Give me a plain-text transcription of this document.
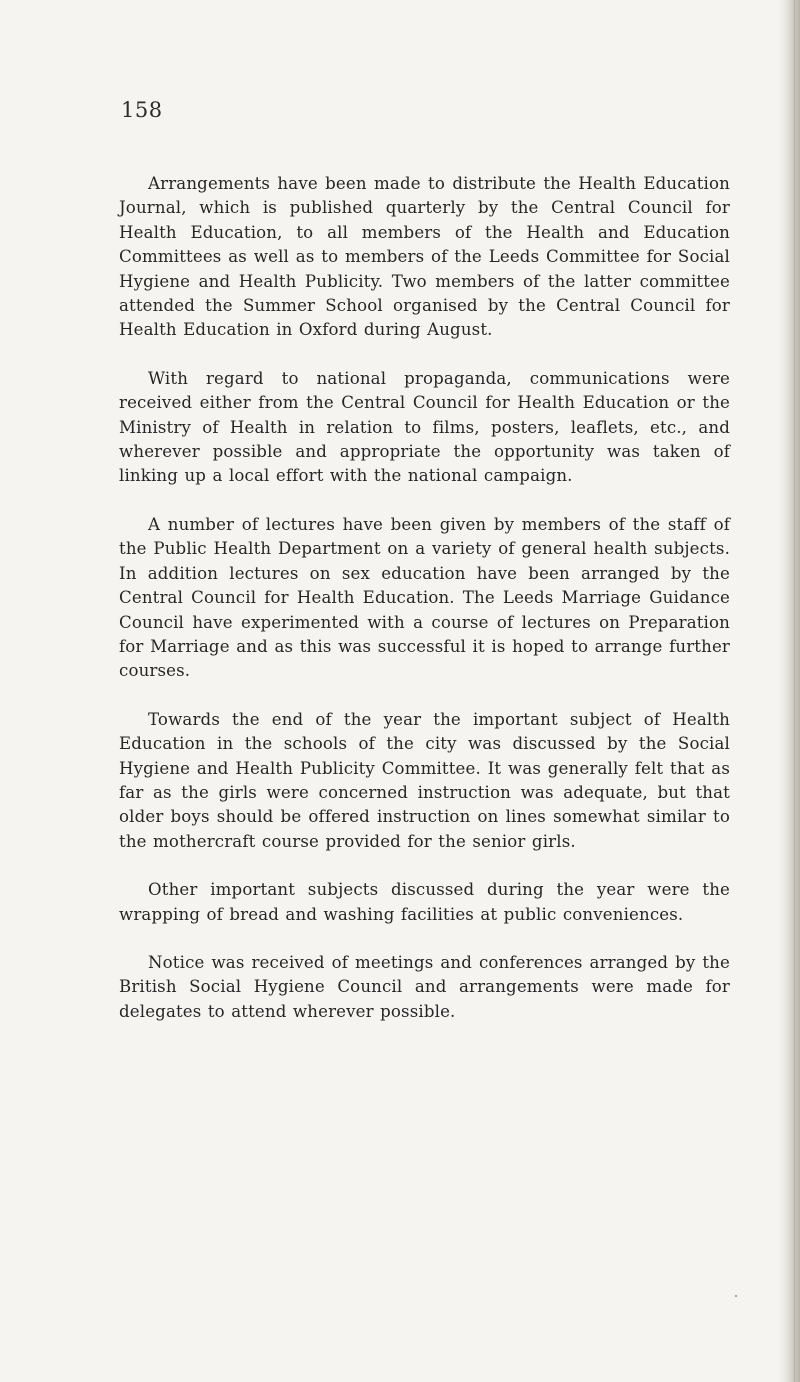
158

Arrangements have been made to distribute the Health Education Journal, which is published quarterly by the Central Council for Health Education, to all members of the Health and Education Committees as well as to members of the Leeds Committee for Social Hygiene and Health Publicity. Two members of the latter committee attended the Summer School organised by the Central Council for Health Education in Oxford during August.

With regard to national propaganda, communications were received either from the Central Council for Health Education or the Ministry of Health in relation to films, posters, leaflets, etc., and wherever possible and appropriate the opportunity was taken of linking up a local effort with the national campaign.

A number of lectures have been given by members of the staff of the Public Health Department on a variety of general health subjects. In addition lectures on sex education have been arranged by the Central Council for Health Education. The Leeds Marriage Guidance Council have experimented with a course of lectures on Preparation for Marriage and as this was successful it is hoped to arrange further courses.

Towards the end of the year the important subject of Health Education in the schools of the city was discussed by the Social Hygiene and Health Publicity Committee. It was generally felt that as far as the girls were concerned instruction was adequate, but that older boys should be offered instruction on lines somewhat similar to the mothercraft course provided for the senior girls.

Other important subjects discussed during the year were the wrapping of bread and washing facilities at public conveniences.

Notice was received of meetings and conferences arranged by the British Social Hygiene Council and arrangements were made for delegates to attend wherever possible.
